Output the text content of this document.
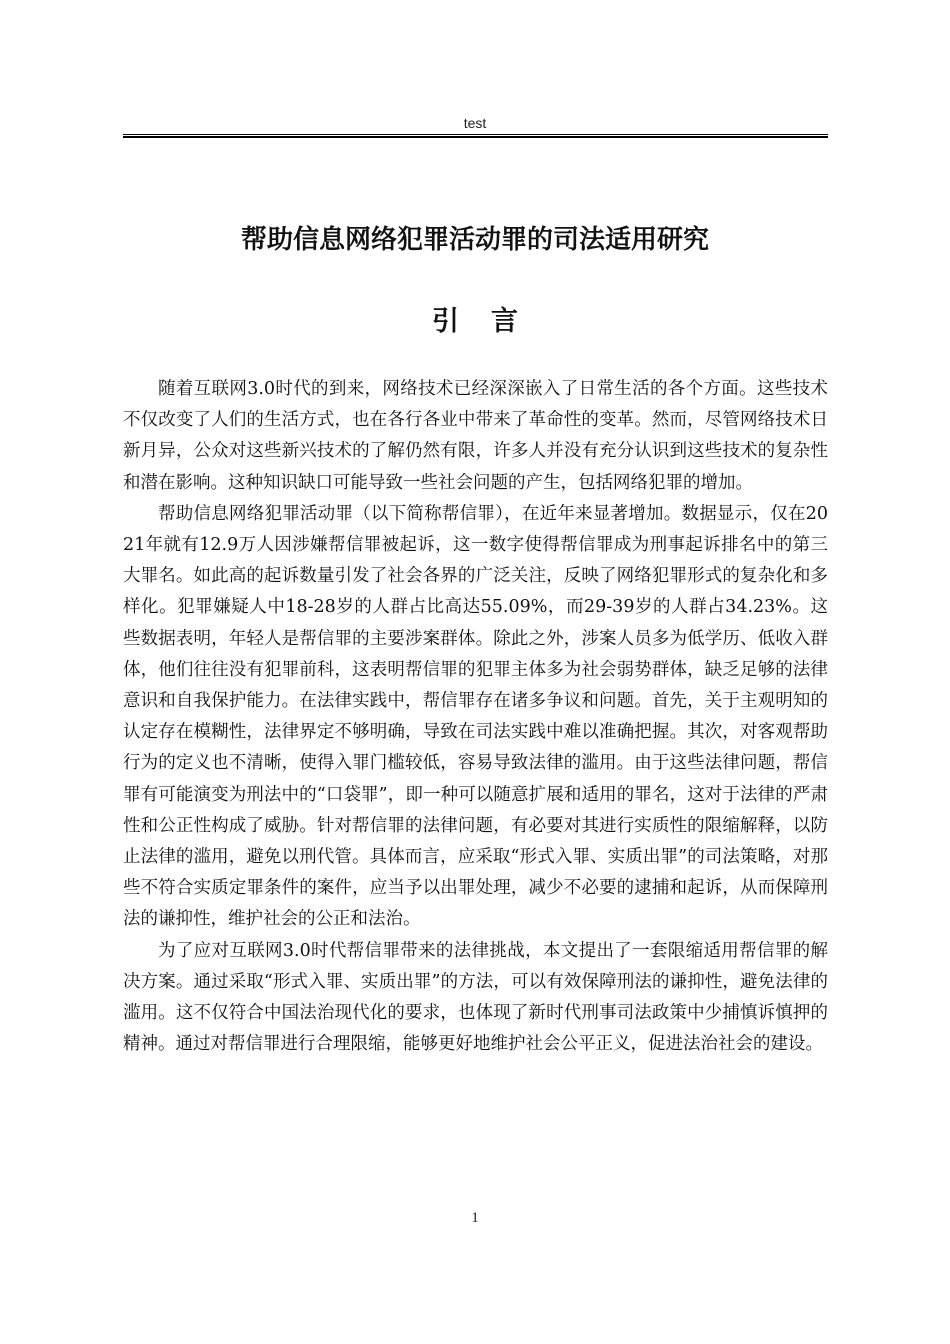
test
帮助信息网络犯罪活动罪的司法适用研究
引言

随着互联网3.0时代的到来，网络技术已经深深嵌入了日常生活的各个方面。这些技术不仅改变了人们的生活方式，也在各行各业中带来了革命性的变革。然而，尽管网络技术日新月异，公众对这些新兴技术的了解仍然有限，许多人并没有充分认识到这些技术的复杂性和潜在影响。这种知识缺口可能导致一些社会问题的产生，包括网络犯罪的增加。

帮助信息网络犯罪活动罪（以下简称帮信罪），在近年来显著增加。数据显示，仅在2021年就有12.9万人因涉嫌帮信罪被起诉，这一数字使得帮信罪成为刑事起诉排名中的第三大罪名。如此高的起诉数量引发了社会各界的广泛关注，反映了网络犯罪形式的复杂化和多样化。犯罪嫌疑人中18-28岁的人群占比高达55.09%，而29-39岁的人群占34.23%。这些数据表明，年轻人是帮信罪的主要涉案群体。除此之外，涉案人员多为低学历、低收入群体，他们往往没有犯罪前科，这表明帮信罪的犯罪主体多为社会弱势群体，缺乏足够的法律意识和自我保护能力。在法律实践中，帮信罪存在诸多争议和问题。首先，关于主观明知的认定存在模糊性，法律界定不够明确，导致在司法实践中难以准确把握。其次，对客观帮助行为的定义也不清晰，使得入罪门槛较低，容易导致法律的滥用。由于这些法律问题，帮信罪有可能演变为刑法中的“口袋罪”，即一种可以随意扩展和适用的罪名，这对于法律的严肃性和公正性构成了威胁。针对帮信罪的法律问题，有必要对其进行实质性的限缩解释，以防止法律的滥用，避免以刑代管。具体而言，应采取“形式入罪、实质出罪”的司法策略，对那些不符合实质定罪条件的案件，应当予以出罪处理，减少不必要的逮捕和起诉，从而保障刑法的谦抑性，维护社会的公正和法治。

为了应对互联网3.0时代帮信罪带来的法律挑战，本文提出了一套限缩适用帮信罪的解决方案。通过采取“形式入罪、实质出罪”的方法，可以有效保障刑法的谦抑性，避免法律的滥用。这不仅符合中国法治现代化的要求，也体现了新时代刑事司法政策中少捕慎诉慎押的精神。通过对帮信罪进行合理限缩，能够更好地维护社会公平正义，促进法治社会的建设。

1
